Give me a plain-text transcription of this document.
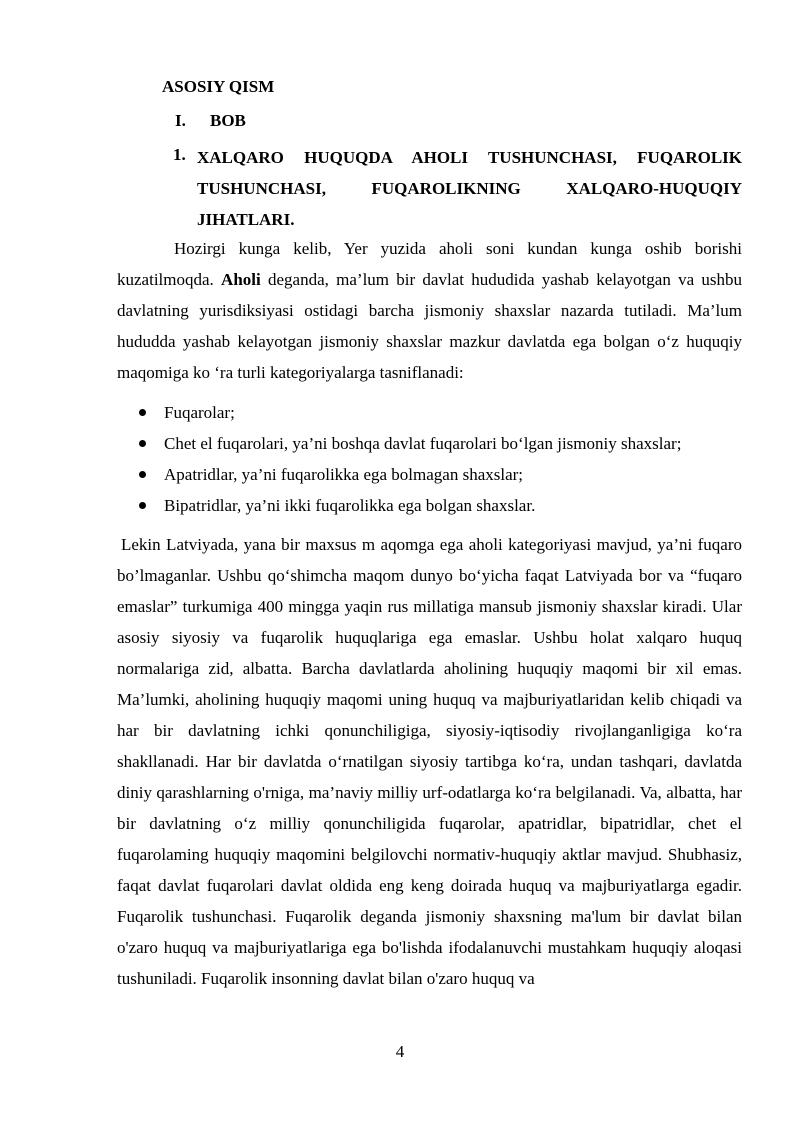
ASOSIY QISM
I. BOB
1. XALQARO HUQUQDA AHOLI TUSHUNCHASI, FUQAROLIK TUSHUNCHASI, FUQAROLIKNING XALQARO-HUQUQIY JIHATLARI.

Hozirgi kunga kelib, Yer yuzida aholi soni kundan kunga oshib borishi kuzatilmoqda. Aholi deganda, ma’lum bir davlat hududida yashab kelayotgan va ushbu davlatning yurisdiksiyasi ostidagi barcha jismoniy shaxslar nazarda tutiladi. Ma’lum hududda yashab kelayotgan jismoniy shaxslar mazkur davlatda ega bolgan o‘z huquqiy maqomiga ko ‘ra turli kategoriyalarga tasniflanadi:

Fuqarolar;
Chet el fuqarolari, ya’ni boshqa davlat fuqarolari bo‘lgan jismoniy shaxslar;
Apatridlar, ya’ni fuqarolikka ega bolmagan shaxslar;
Bipatridlar, ya’ni ikki fuqarolikka ega bolgan shaxslar.

Lekin Latviyada, yana bir maxsus m aqomga ega aholi kategoriyasi mavjud, ya’ni fuqaro bo’lmaganlar. Ushbu qo‘shimcha maqom dunyo bo‘yicha faqat Latviyada bor va “fuqaro emaslar” turkumiga 400 mingga yaqin rus millatiga mansub jismoniy shaxslar kiradi. Ular asosiy siyosiy va fuqarolik huquqlariga ega emaslar. Ushbu holat xalqaro huquq normalariga zid, albatta. Barcha davlatlarda aholining huquqiy maqomi bir xil emas. Ma’lumki, aholining huquqiy maqomi uning huquq va majburiyatlaridan kelib chiqadi va har bir davlatning ichki qonunchiligiga, siyosiy-iqtisodiy rivojlanganligiga ko‘ra shakllanadi. Har bir davlatda o‘rnatilgan siyosiy tartibga ko‘ra, undan tashqari, davlatda diniy qarashlarning o'rniga, ma’naviy milliy urf-odatlarga ko‘ra belgilanadi. Va, albatta, har bir davlatning o‘z milliy qonunchiligida fuqarolar, apatridlar, bipatridlar, chet el fuqarolaming huquqiy maqomini belgilovchi normativ-huquqiy aktlar mavjud. Shubhasiz, faqat davlat fuqarolari davlat oldida eng keng doirada huquq va majburiyatlarga egadir. Fuqarolik tushunchasi. Fuqarolik deganda jismoniy shaxsning ma'lum bir davlat bilan o'zaro huquq va majburiyatlariga ega bo'lishda ifodalanuvchi mustahkam huquqiy aloqasi tushuniladi. Fuqarolik insonning davlat bilan o'zaro huquq va

4
